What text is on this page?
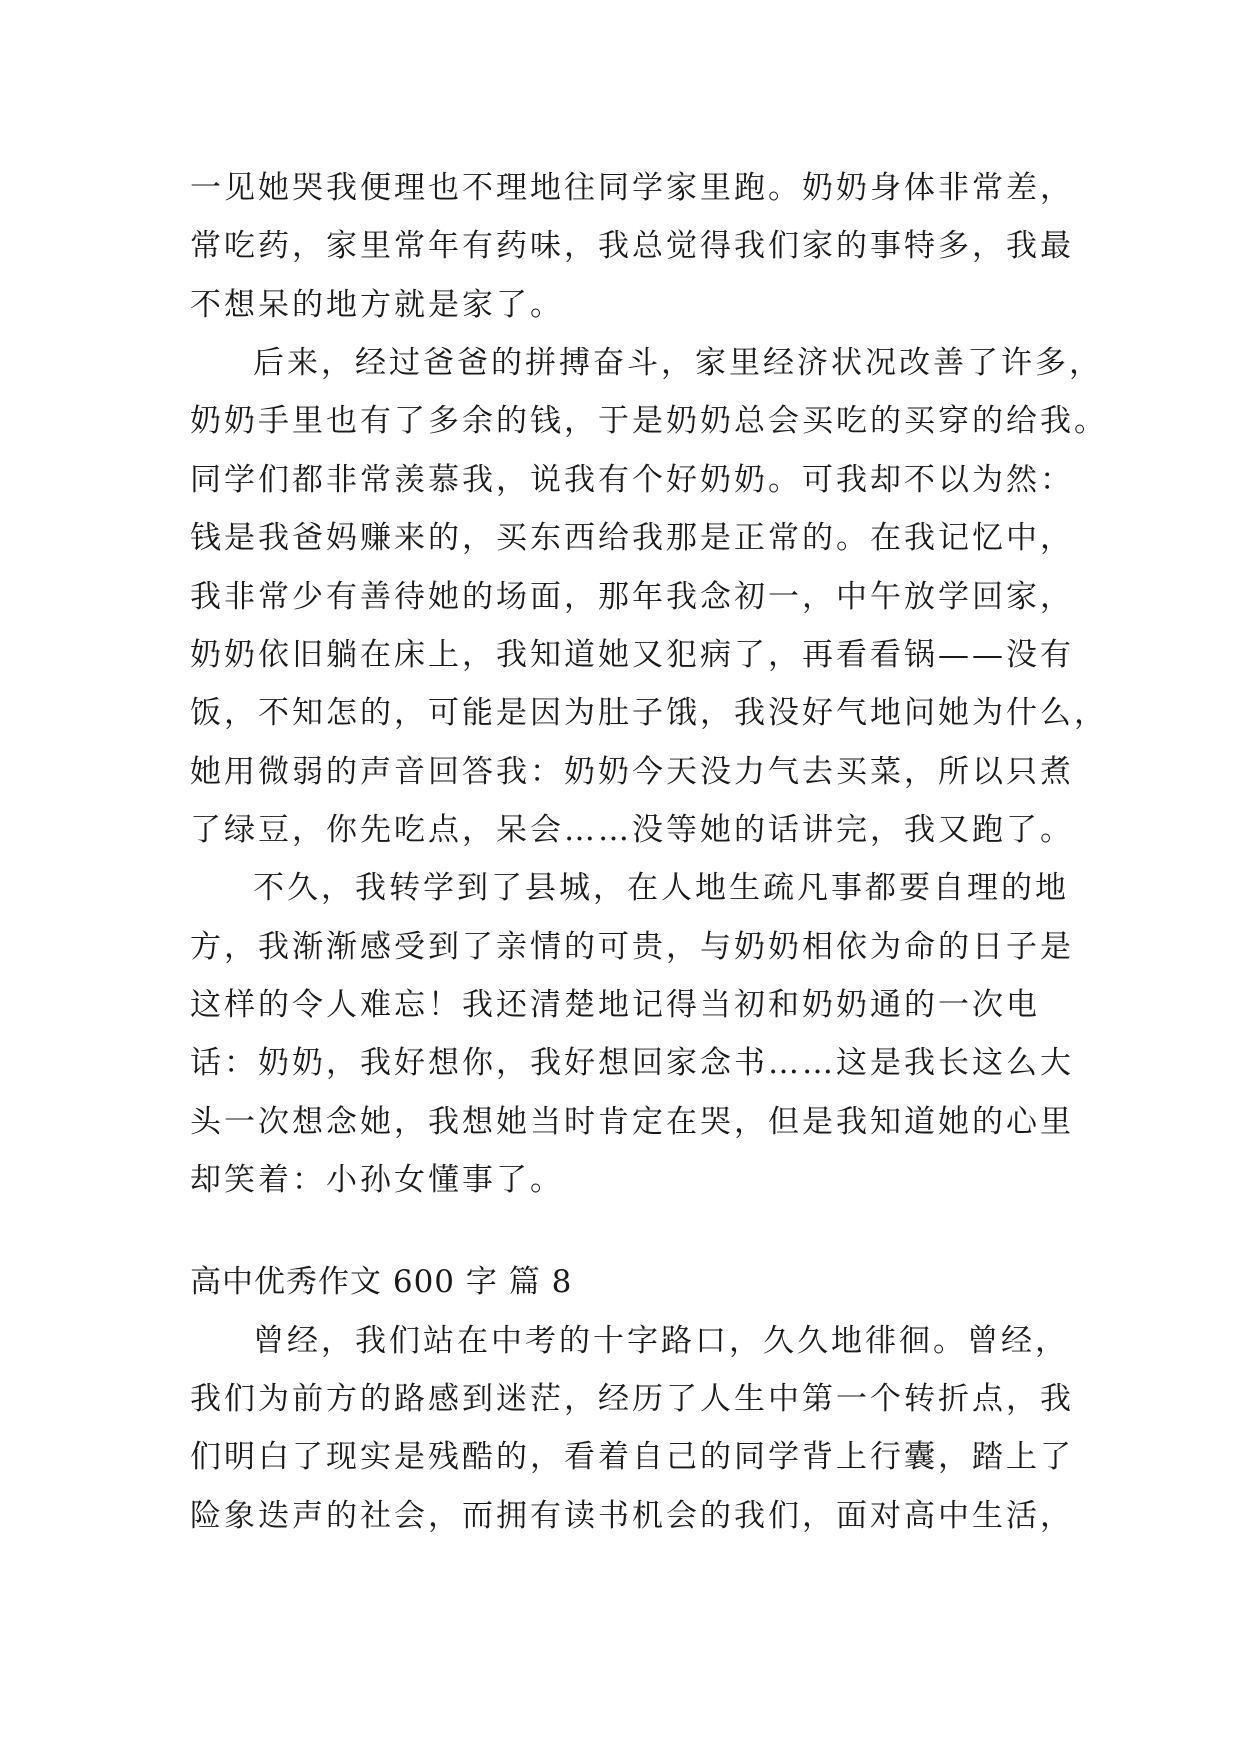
一见她哭我便理也不理地往同学家里跑。奶奶身体非常差，
常吃药，家里常年有药味，我总觉得我们家的事特多，我最
不想呆的地方就是家了。
后来，经过爸爸的拼搏奋斗，家里经济状况改善了许多，
奶奶手里也有了多余的钱，于是奶奶总会买吃的买穿的给我。
同学们都非常羡慕我，说我有个好奶奶。可我却不以为然：
钱是我爸妈赚来的，买东西给我那是正常的。在我记忆中，
我非常少有善待她的场面，那年我念初一，中午放学回家，
奶奶依旧躺在床上，我知道她又犯病了，再看看锅——没有
饭，不知怎的，可能是因为肚子饿，我没好气地问她为什么，
她用微弱的声音回答我：奶奶今天没力气去买菜，所以只煮
了绿豆，你先吃点，呆会……没等她的话讲完，我又跑了。
不久，我转学到了县城，在人地生疏凡事都要自理的地
方，我渐渐感受到了亲情的可贵，与奶奶相依为命的日子是
这样的令人难忘！我还清楚地记得当初和奶奶通的一次电
话：奶奶，我好想你，我好想回家念书……这是我长这么大
头一次想念她，我想她当时肯定在哭，但是我知道她的心里
却笑着：小孙女懂事了。
高中优秀作文 600 字 篇 8
曾经，我们站在中考的十字路口，久久地徘徊。曾经，
我们为前方的路感到迷茫，经历了人生中第一个转折点，我
们明白了现实是残酷的，看着自己的同学背上行囊，踏上了
险象迭声的社会，而拥有读书机会的我们，面对高中生活，
